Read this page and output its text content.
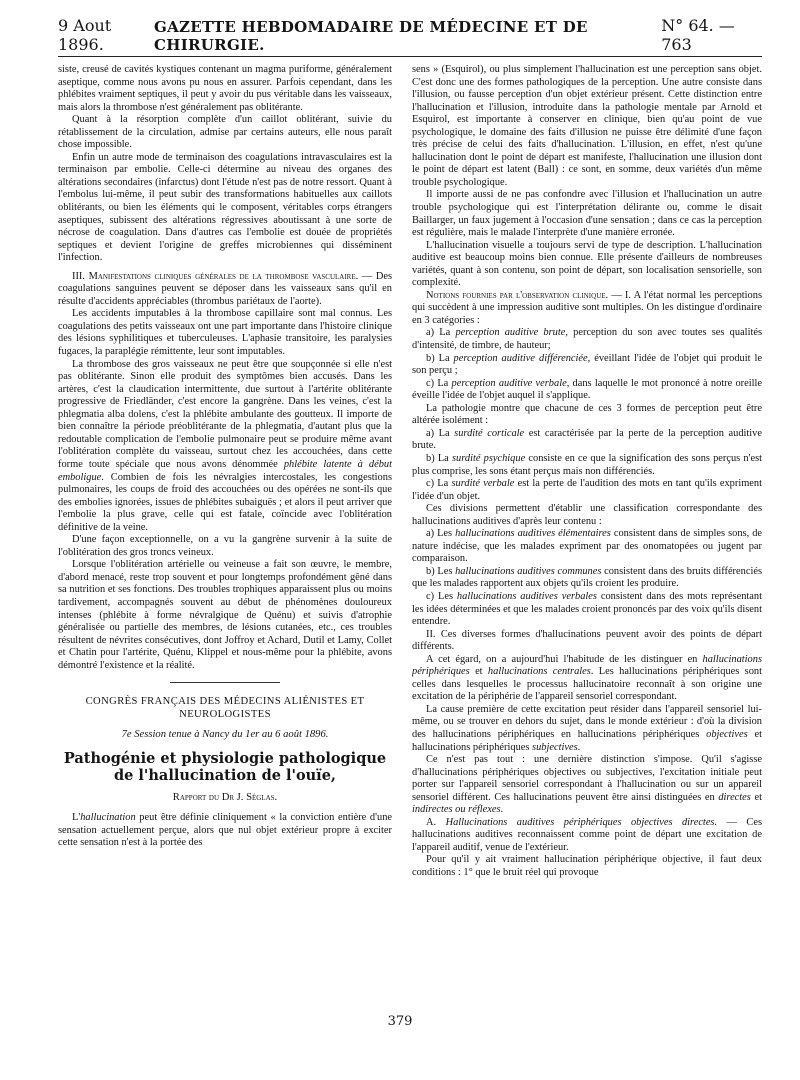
9 Aout 1896.
GAZETTE HEBDOMADAIRE DE MÉDECINE ET DE CHIRURGIE.
N° 64. — 763

siste, creusé de cavités kystiques contenant un magma puriforme, généralement aseptique, comme nous avons pu nous en assurer. Parfois cependant, dans les phlébites vraiment septiques, il peut y avoir du pus véritable dans les vaisseaux, mais alors la thrombose n'est généralement pas oblitérante.

Quant à la résorption complète d'un caillot oblitérant, suivie du rétablissement de la circulation, admise par certains auteurs, elle nous paraît chose impossible.

Enfin un autre mode de terminaison des coagulations intravasculaires est la terminaison par embolie. Celle-ci détermine au niveau des organes des altérations secondaires (infarctus) dont l'étude n'est pas de notre ressort. Quant à l'embolus lui-même, il peut subir des transformations habituelles aux caillots oblitérants, ou bien les éléments qui le composent, véritables corps étrangers aseptiques, subissent des altérations régressives aboutissant à une sorte de nécrose de coagulation. Dans d'autres cas l'embolie est douée de propriétés septiques et devient l'origine de greffes microbiennes qui disséminent l'infection.

III. Manifestations cliniques générales de la thrombose vasculaire. — Des coagulations sanguines peuvent se déposer dans les vaisseaux sans qu'il en résulte d'accidents appréciables (thrombus pariétaux de l'aorte).

Les accidents imputables à la thrombose capillaire sont mal connus. Les coagulations des petits vaisseaux ont une part importante dans l'histoire clinique des lésions syphilitiques et tuberculeuses. L'aphasie transitoire, les paralysies fugaces, la paraplégie rémittente, leur sont imputables.

La thrombose des gros vaisseaux ne peut être que soupçonnée si elle n'est pas oblitérante. Sinon elle produit des symptômes bien accusés. Dans les artères, c'est la claudication intermittente, due surtout à l'artérite oblitérante progressive de Friedländer, c'est encore la gangrène. Dans les veines, c'est la phlegmatia alba dolens, c'est la phlébite ambulante des goutteux. Il importe de bien connaître la période préoblitérante de la phlegmatia, d'autant plus que la redoutable complication de l'embolie pulmonaire peut se produire même avant l'oblitération complète du vaisseau, surtout chez les accouchées, dans cette forme toute spéciale que nous avons dénommée phlébite latente à début emboligue. Combien de fois les névralgies intercostales, les congestions pulmonaires, les coups de froid des accouchées ou des opérées ne sont-ils que des embolies ignorées, issues de phlébites subaiguës ; et alors il peut arriver que l'embolie la plus grave, celle qui est fatale, coïncide avec l'oblitération définitive de la veine.

D'une façon exceptionnelle, on a vu la gangrène survenir à la suite de l'oblitération des gros troncs veineux.

Lorsque l'oblitération artérielle ou veineuse a fait son œuvre, le membre, d'abord menacé, reste trop souvent et pour longtemps profondément gêné dans sa nutrition et ses fonctions. Des troubles trophiques apparaissent plus ou moins tardivement, accompagnés souvent au début de phénomènes douloureux intenses (phlébite à forme névralgique de Quénu) et suivis d'atrophie généralisée ou partielle des membres, de lésions cutanées, etc., ces troubles résultent de névrites consécutives, dont Joffroy et Achard, Dutil et Lamy, Collet et Chatin pour l'artérite, Quénu, Klippel et nous-même pour la phlébite, avons démontré l'existence et la réalité.

CONGRÈS FRANÇAIS DES MÉDECINS ALIÉNISTES ET NEUROLOGISTES
7e Session tenue à Nancy du 1er au 6 août 1896.
Pathogénie et physiologie pathologique de l'hallucination de l'ouïe,
Rapport du Dr J. Séglas.

L'hallucination peut être définie cliniquement « la conviction entière d'une sensation actuellement perçue, alors que nul objet extérieur propre à exciter cette sensation n'est à la portée des

sens » (Esquirol), ou plus simplement l'hallucination est une perception sans objet. C'est donc une des formes pathologiques de la perception. Une autre consiste dans l'illusion, ou fausse perception d'un objet extérieur présent. Cette distinction entre l'hallucination et l'illusion, introduite dans la pathologie mentale par Arnold et Esquirol, est importante à conserver en clinique, bien qu'au point de vue psychologique, le domaine des faits d'illusion ne puisse être délimité d'une façon très précise de celui des faits d'hallucination. L'illusion, en effet, n'est qu'une hallucination dont le point de départ est manifeste, l'hallucination une illusion dont le point de départ est latent (Ball) : ce sont, en somme, deux variétés d'un même trouble psychologique.

Il importe aussi de ne pas confondre avec l'illusion et l'hallucination un autre trouble psychologique qui est l'interprétation délirante ou, comme le disait Baillarger, un faux jugement à l'occasion d'une sensation ; dans ce cas la perception est régulière, mais le malade l'interprète d'une manière erronée.

L'hallucination visuelle a toujours servi de type de description. L'hallucination auditive est beaucoup moins bien connue. Elle présente d'ailleurs de nombreuses variétés, quant à son contenu, son point de départ, son localisation sensorielle, son complexité.

Notions fournies par l'observation clinique. — I. A l'état normal les perceptions qui succèdent à une impression auditive sont multiples. On les distingue d'ordinaire en 3 catégories :

a) La perception auditive brute, perception du son avec toutes ses qualités d'intensité, de timbre, de hauteur;

b) La perception auditive différenciée, éveillant l'idée de l'objet qui produit le son perçu ;

c) La perception auditive verbale, dans laquelle le mot prononcé à notre oreille éveille l'idée de l'objet auquel il s'applique.

La pathologie montre que chacune de ces 3 formes de perception peut être altérée isolément :

a) La surdité corticale est caractérisée par la perte de la perception auditive brute.

b) La surdité psychique consiste en ce que la signification des sons perçus n'est plus comprise, les sons étant perçus mais non différenciés.

c) La surdité verbale est la perte de l'audition des mots en tant qu'ils expriment l'idée d'un objet.

Ces divisions permettent d'établir une classification correspondante des hallucinations auditives d'après leur contenu :

a) Les hallucinations auditives élémentaires consistent dans de simples sons, de nature indécise, que les malades expriment par des onomatopées ou jugent par comparaison.

b) Les hallucinations auditives communes consistent dans des bruits différenciés que les malades rapportent aux objets qu'ils croient les produire.

c) Les hallucinations auditives verbales consistent dans des mots représentant les idées déterminées et que les malades croient prononcés par des voix qu'ils disent entendre.

II. Ces diverses formes d'hallucinations peuvent avoir des points de départ différents.

A cet égard, on a aujourd'hui l'habitude de les distinguer en hallucinations périphériques et hallucinations centrales. Les hallucinations périphériques sont celles dans lesquelles le processus hallucinatoire reconnaît à son origine une excitation de la périphérie de l'appareil sensoriel correspondant.

La cause première de cette excitation peut résider dans l'appareil sensoriel lui-même, ou se trouver en dehors du sujet, dans le monde extérieur : d'où la division des hallucinations périphériques en hallucinations périphériques objectives et hallucinations périphériques subjectives.

Ce n'est pas tout : une dernière distinction s'impose. Qu'il s'agisse d'hallucinations périphériques objectives ou subjectives, l'excitation initiale peut porter sur l'appareil sensoriel correspondant à l'hallucination ou sur un appareil sensoriel différent. Ces hallucinations peuvent être ainsi distinguées en directes et indirectes ou réflexes.

A. Hallucinations auditives périphériques objectives directes. — Ces hallucinations auditives reconnaissent comme point de départ une excitation de l'appareil auditif, venue de l'extérieur.

Pour qu'il y ait vraiment hallucination périphérique objective, il faut deux conditions : 1° que le bruit réel qui provoque

379
